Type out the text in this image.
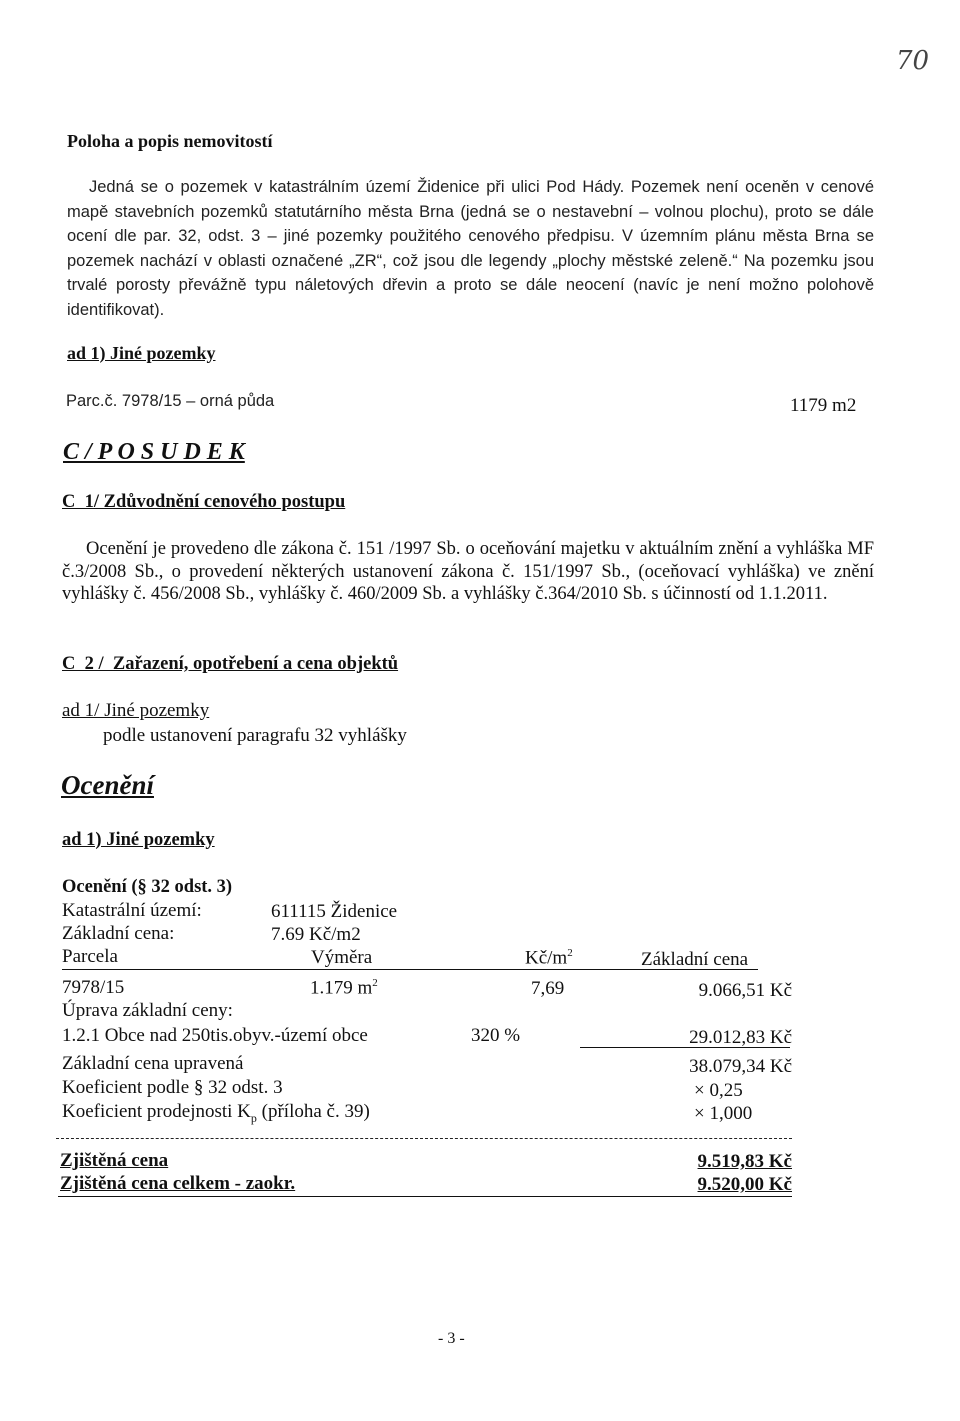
70
Poloha a popis nemovitostí
Jedná se o pozemek v katastrálním území Židenice při ulici Pod Hády. Pozemek není oceněn v cenové mapě stavebních pozemků statutárního města Brna (jedná se o nestavební – volnou plochu), proto se dále ocení dle par. 32, odst. 3 – jiné pozemky použitého cenového předpisu. V územním plánu města Brna se pozemek nachází v oblasti označené „ZR“, což jsou dle legendy „plochy městské zeleně.“ Na pozemku jsou trvalé porosty převážně typu náletových dřevin a proto se dále neocení (navíc je není možno polohově identifikovat).
ad 1) Jiné pozemky
Parc.č. 7978/15 – orná půda	1179 m2
C / P O S U D E K
C  1/ Zdůvodnění cenového postupu
Ocenění je provedeno dle zákona č. 151 /1997 Sb. o oceňování majetku v aktuálním znění a vyhláška MF č.3/2008 Sb., o provedení některých ustanovení zákona č. 151/1997 Sb., (oceňovací vyhláška) ve znění vyhlášky č. 456/2008 Sb., vyhlášky č. 460/2009 Sb. a vyhlášky č.364/2010 Sb. s účinností od 1.1.2011.
C  2 /  Zařazení, opotřebení a cena objektů
ad 1/ Jiné pozemky
podle ustanovení paragrafu 32 vyhlášky
Ocenění
ad 1) Jiné pozemky
Ocenění (§ 32 odst. 3)
Katastrální území:	611115 Židenice
Základní cena:	7.69 Kč/m2
Parcela	Výměra	$Kč/m^2$	Základní cena
7978/15	1.179 $m^2$	7,69	9.066,51 Kč
Úprava základní ceny:
1.2.1 Obce nad 250tis.obyv.-území obce	320 %	29.012,83 Kč
Základní cena upravená	38.079,34 Kč
Koeficient podle § 32 odst. 3	× 0,25
Koeficient prodejnosti $K_p$ (příloha č. 39)	× 1,000
Zjištěná cena	9.519,83 Kč
Zjištěná cena celkem - zaokr.	9.520,00 Kč
- 3 -
